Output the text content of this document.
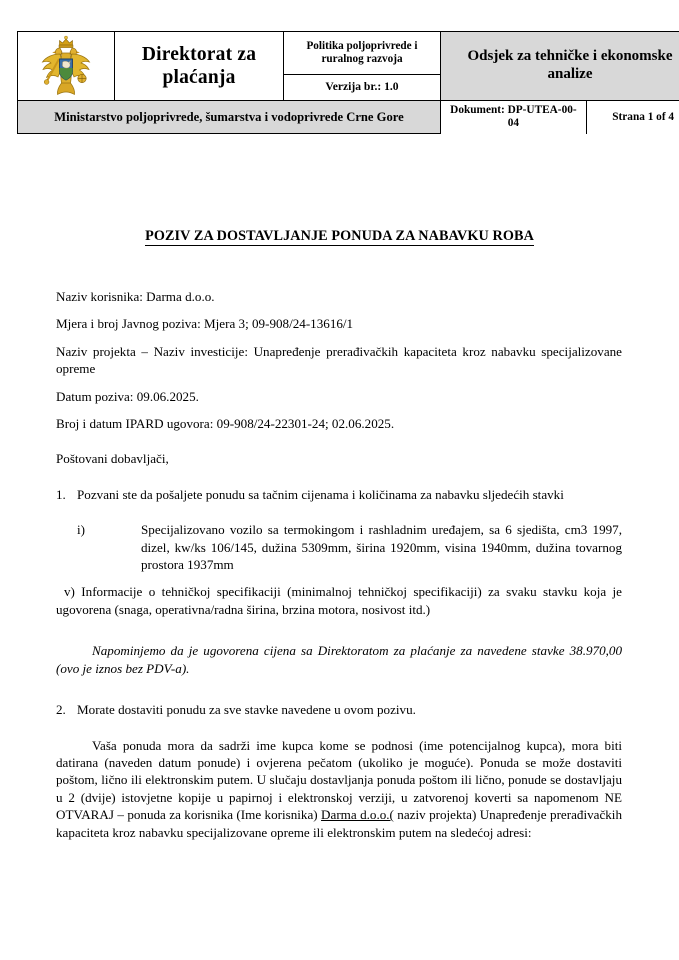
	Direktorat za plaćanja	Politika poljoprivrede i ruralnog razvoja	Odsjek za tehničke i ekonomske analize
Verzija br.: 1.0
Ministarstvo poljoprivrede, šumarstva i vodoprivrede Crne Gore		Dokument: DP-UTEA-00-04	Strana 1 of 4
POZIV ZA DOSTAVLJANJE PONUDA ZA NABAVKU ROBA

Naziv korisnika: Darma d.o.o.

Mjera i broj Javnog poziva: Mjera 3; 09-908/24-13616/1

Naziv projekta – Naziv investicije: Unapređenje prerađivačkih kapaciteta kroz nabavku specijalizovane opreme

Datum poziva: 09.06.2025.

Broj i datum IPARD ugovora: 09-908/24-22301-24; 02.06.2025.

Poštovani dobavljači,

1. Pozvani ste da pošaljete ponudu sa tačnim cijenama i količinama za nabavku sljedećih stavki
i)	Specijalizovano vozilo sa termokingom i rashladnim uređajem, sa 6 sjedišta, cm3 1997, dizel, kw/ks 106/145, dužina 5309mm, širina 1920mm, visina 1940mm, dužina tovarnog prostora 1937mm

v) Informacije o tehničkoj specifikaciji (minimalnoj tehničkoj specifikaciji) za svaku stavku koja je ugovorena (snaga, operativna/radna širina, brzina motora, nosivost itd.)

Napominjemo da je ugovorena cijena sa Direktoratom za plaćanje za navedene stavke 38.970,00 (ovo je iznos bez PDV-a).

2. Morate dostaviti ponudu za sve stavke navedene u ovom pozivu.

Vaša ponuda mora da sadrži ime kupca kome se podnosi (ime potencijalnog kupca), mora biti datirana (naveden datum ponude) i ovjerena pečatom (ukoliko je moguće). Ponuda se može dostaviti poštom, lično ili elektronskim putem. U slučaju dostavljanja ponuda poštom ili lično, ponude se dostavljaju u 2 (dvije) istovjetne kopije u papirnoj i elektronskoj verziji, u zatvorenoj koverti sa napomenom NE OTVARAJ – ponuda za korisnika (Ime korisnika) Darma d.o.o.( naziv projekta) Unapređenje prerađivačkih kapaciteta kroz nabavku specijalizovane opreme ili elektronskim putem na sledećoj adresi:
